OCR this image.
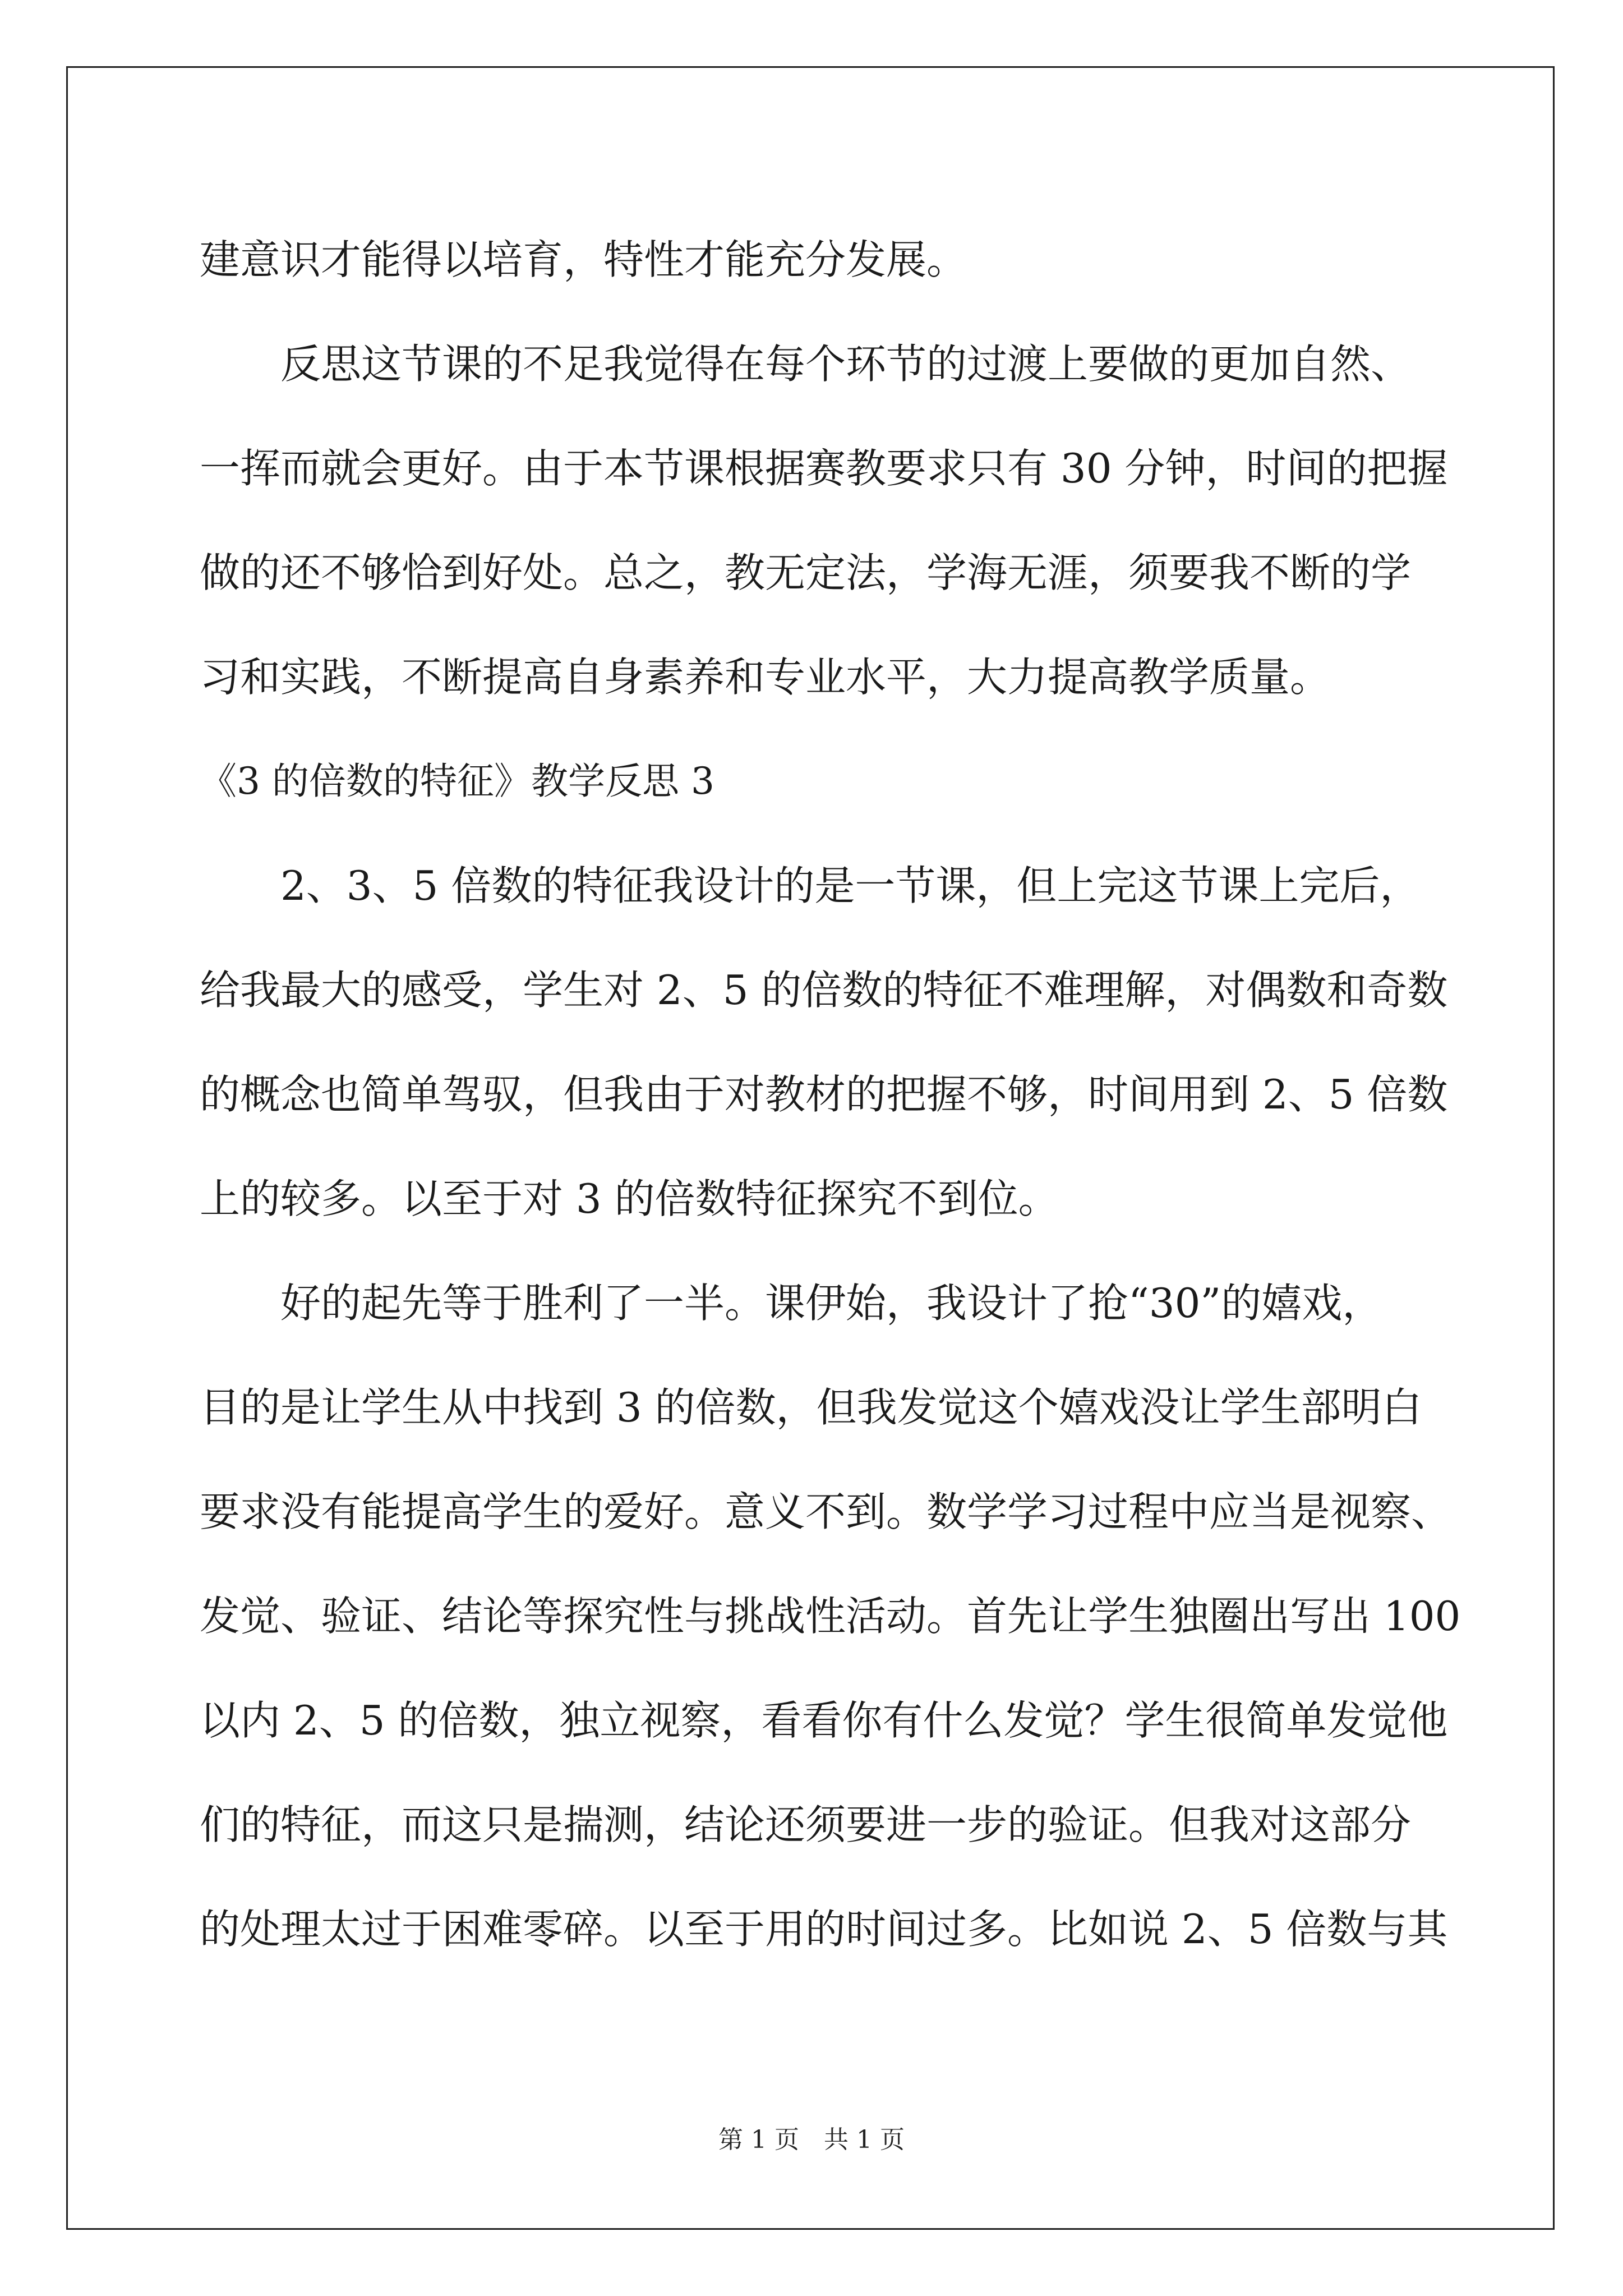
建意识才能得以培育，特性才能充分发展。
反思这节课的不足我觉得在每个环节的过渡上要做的更加自然、
一挥而就会更好。由于本节课根据赛教要求只有 30 分钟，时间的把握
做的还不够恰到好处。总之，教无定法，学海无涯，须要我不断的学
习和实践，不断提高自身素养和专业水平，大力提高教学质量。
《3 的倍数的特征》教学反思 3
2、3、5 倍数的特征我设计的是一节课，但上完这节课上完后，
给我最大的感受，学生对 2、5 的倍数的特征不难理解，对偶数和奇数
的概念也简单驾驭，但我由于对教材的把握不够，时间用到 2、5 倍数
上的较多。以至于对 3 的倍数特征探究不到位。
好的起先等于胜利了一半。课伊始，我设计了抢“30”的嬉戏，
目的是让学生从中找到 3 的倍数，但我发觉这个嬉戏没让学生部明白
要求没有能提高学生的爱好。意义不到。数学学习过程中应当是视察、
发觉、验证、结论等探究性与挑战性活动。首先让学生独圈出写出 100
以内 2、5 的倍数，独立视察，看看你有什么发觉？学生很简单发觉他
们的特征，而这只是揣测，结论还须要进一步的验证。但我对这部分
的处理太过于困难零碎。以至于用的时间过多。比如说 2、5 倍数与其
第 1 页　共 1 页
